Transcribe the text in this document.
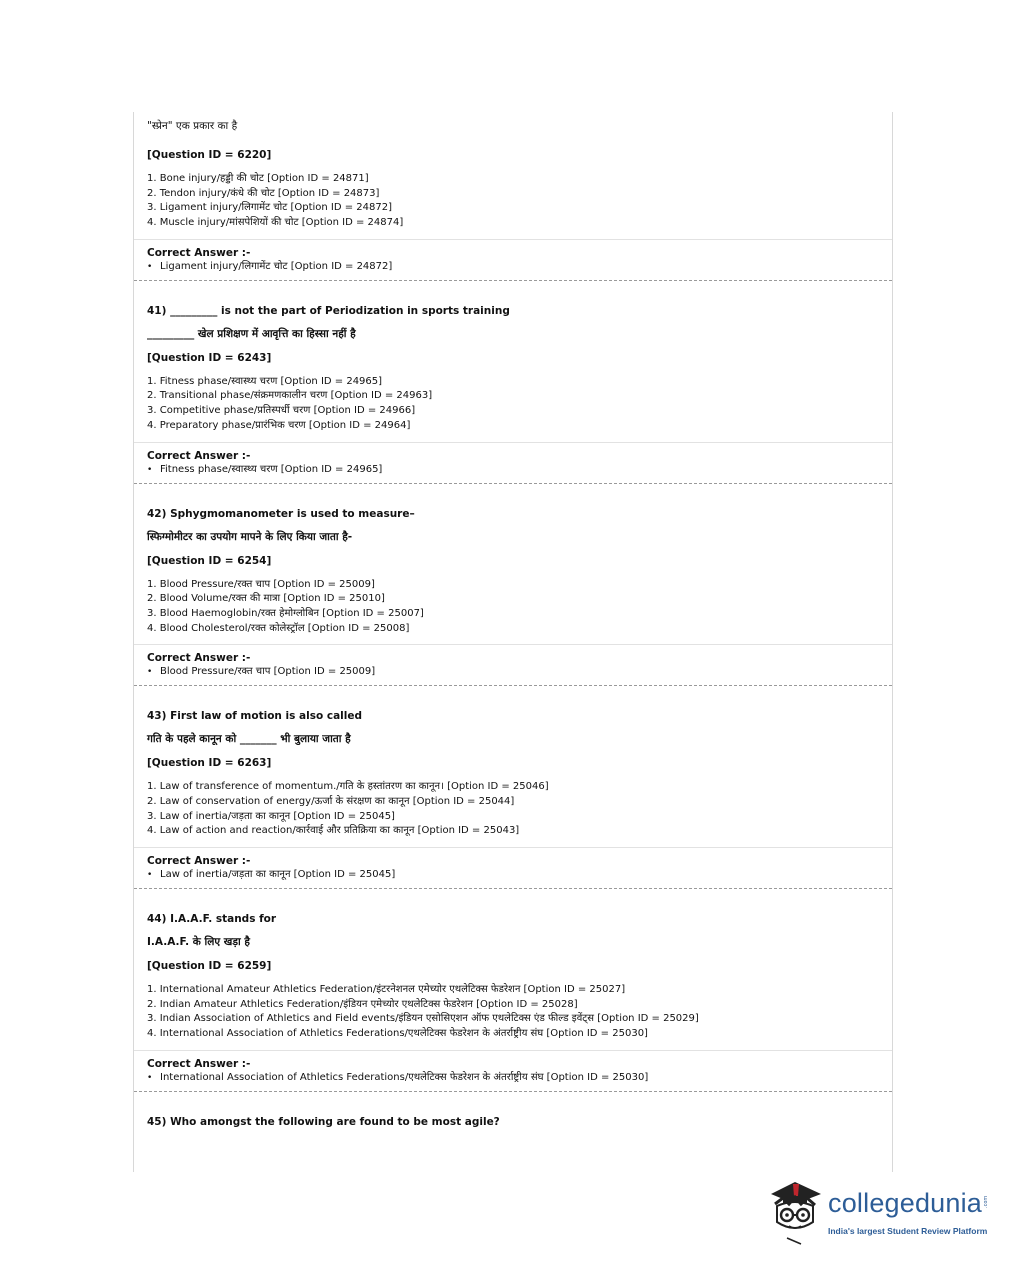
"स्प्रेन" एक प्रकार का है
[Question ID = 6220]
1. Bone injury/हड्डी की चोट [Option ID = 24871]
2. Tendon injury/कंधे की चोट [Option ID = 24873]
3. Ligament injury/लिगामेंट चोट [Option ID = 24872]
4. Muscle injury/मांसपेशियों की चोट [Option ID = 24874]
Correct Answer :-
• Ligament injury/लिगामेंट चोट [Option ID = 24872]
41) _________ is not the part of Periodization in sports training
_________ खेल प्रशिक्षण में आवृत्ति का हिस्सा नहीं है
[Question ID = 6243]
1. Fitness phase/स्वास्थ्य चरण [Option ID = 24965]
2. Transitional phase/संक्रमणकालीन चरण [Option ID = 24963]
3. Competitive phase/प्रतिस्पर्धी चरण [Option ID = 24966]
4. Preparatory phase/प्रारंभिक चरण [Option ID = 24964]
Correct Answer :-
• Fitness phase/स्वास्थ्य चरण [Option ID = 24965]
42) Sphygmomanometer is used to measure–
स्फिग्मोमीटर का उपयोग मापने के लिए किया जाता है-
[Question ID = 6254]
1. Blood Pressure/रक्त चाप [Option ID = 25009]
2. Blood Volume/रक्त की मात्रा [Option ID = 25010]
3. Blood Haemoglobin/रक्त हेमोग्लोबिन [Option ID = 25007]
4. Blood Cholesterol/रक्त कोलेस्ट्रॉल [Option ID = 25008]
Correct Answer :-
• Blood Pressure/रक्त चाप [Option ID = 25009]
43) First law of motion is also called
गति के पहले कानून को _______ भी बुलाया जाता है
[Question ID = 6263]
1. Law of transference of momentum./गति के हस्तांतरण का कानून। [Option ID = 25046]
2. Law of conservation of energy/ऊर्जा के संरक्षण का कानून [Option ID = 25044]
3. Law of inertia/जड़ता का कानून [Option ID = 25045]
4. Law of action and reaction/कार्रवाई और प्रतिक्रिया का कानून [Option ID = 25043]
Correct Answer :-
• Law of inertia/जड़ता का कानून [Option ID = 25045]
44) I.A.A.F. stands for
I.A.A.F. के लिए खड़ा है
[Question ID = 6259]
1. International Amateur Athletics Federation/इंटरनेशनल एमेच्योर एथलेटिक्स फेडरेशन [Option ID = 25027]
2. Indian Amateur Athletics Federation/इंडियन एमेच्योर एथलेटिक्स फेडरेशन [Option ID = 25028]
3. Indian Association of Athletics and Field events/इंडियन एसोसिएशन ऑफ एथलेटिक्स एंड फील्ड इवेंट्स [Option ID = 25029]
4. International Association of Athletics Federations/एथलेटिक्स फेडरेशन के अंतर्राष्ट्रीय संघ [Option ID = 25030]
Correct Answer :-
• International Association of Athletics Federations/एथलेटिक्स फेडरेशन के अंतर्राष्ट्रीय संघ [Option ID = 25030]
45) Who amongst the following are found to be most agile?
collegedunia .com
India's largest Student Review Platform
